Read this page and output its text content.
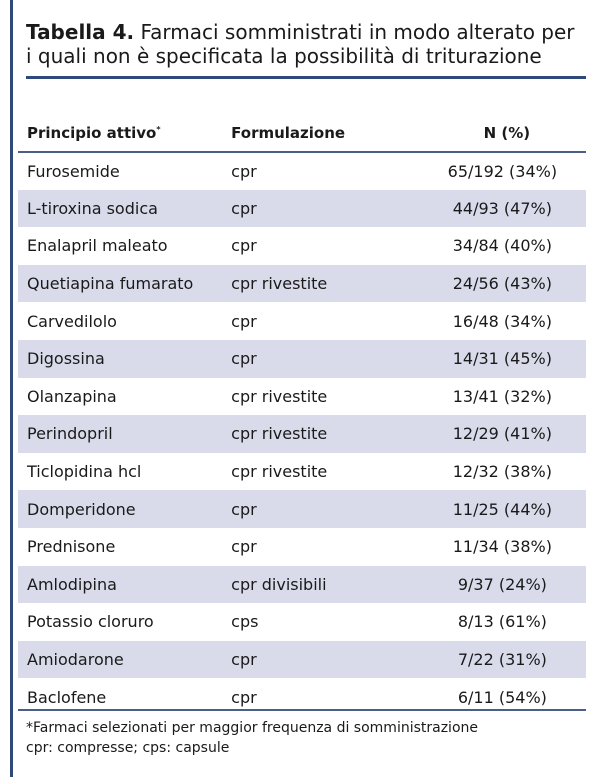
Tabella 4. Farmaci somministrati in modo alterato per i quali non è specificata la possibilità di triturazione
Principio attivo*	Formulazione	N (%)
Furosemide	cpr	65/192 (34%)
L-tiroxina sodica	cpr	44/93 (47%)
Enalapril maleato	cpr	34/84 (40%)
Quetiapina fumarato	cpr rivestite	24/56 (43%)
Carvedilolo	cpr	16/48 (34%)
Digossina	cpr	14/31 (45%)
Olanzapina	cpr rivestite	13/41 (32%)
Perindopril	cpr rivestite	12/29 (41%)
Ticlopidina hcl	cpr rivestite	12/32 (38%)
Domperidone	cpr	11/25 (44%)
Prednisone	cpr	11/34 (38%)
Amlodipina	cpr divisibili	9/37 (24%)
Potassio cloruro	cps	8/13 (61%)
Amiodarone	cpr	7/22 (31%)
Baclofene	cpr	6/11 (54%)
*Farmaci selezionati per maggior frequenza di somministrazione
cpr: compresse; cps: capsule
